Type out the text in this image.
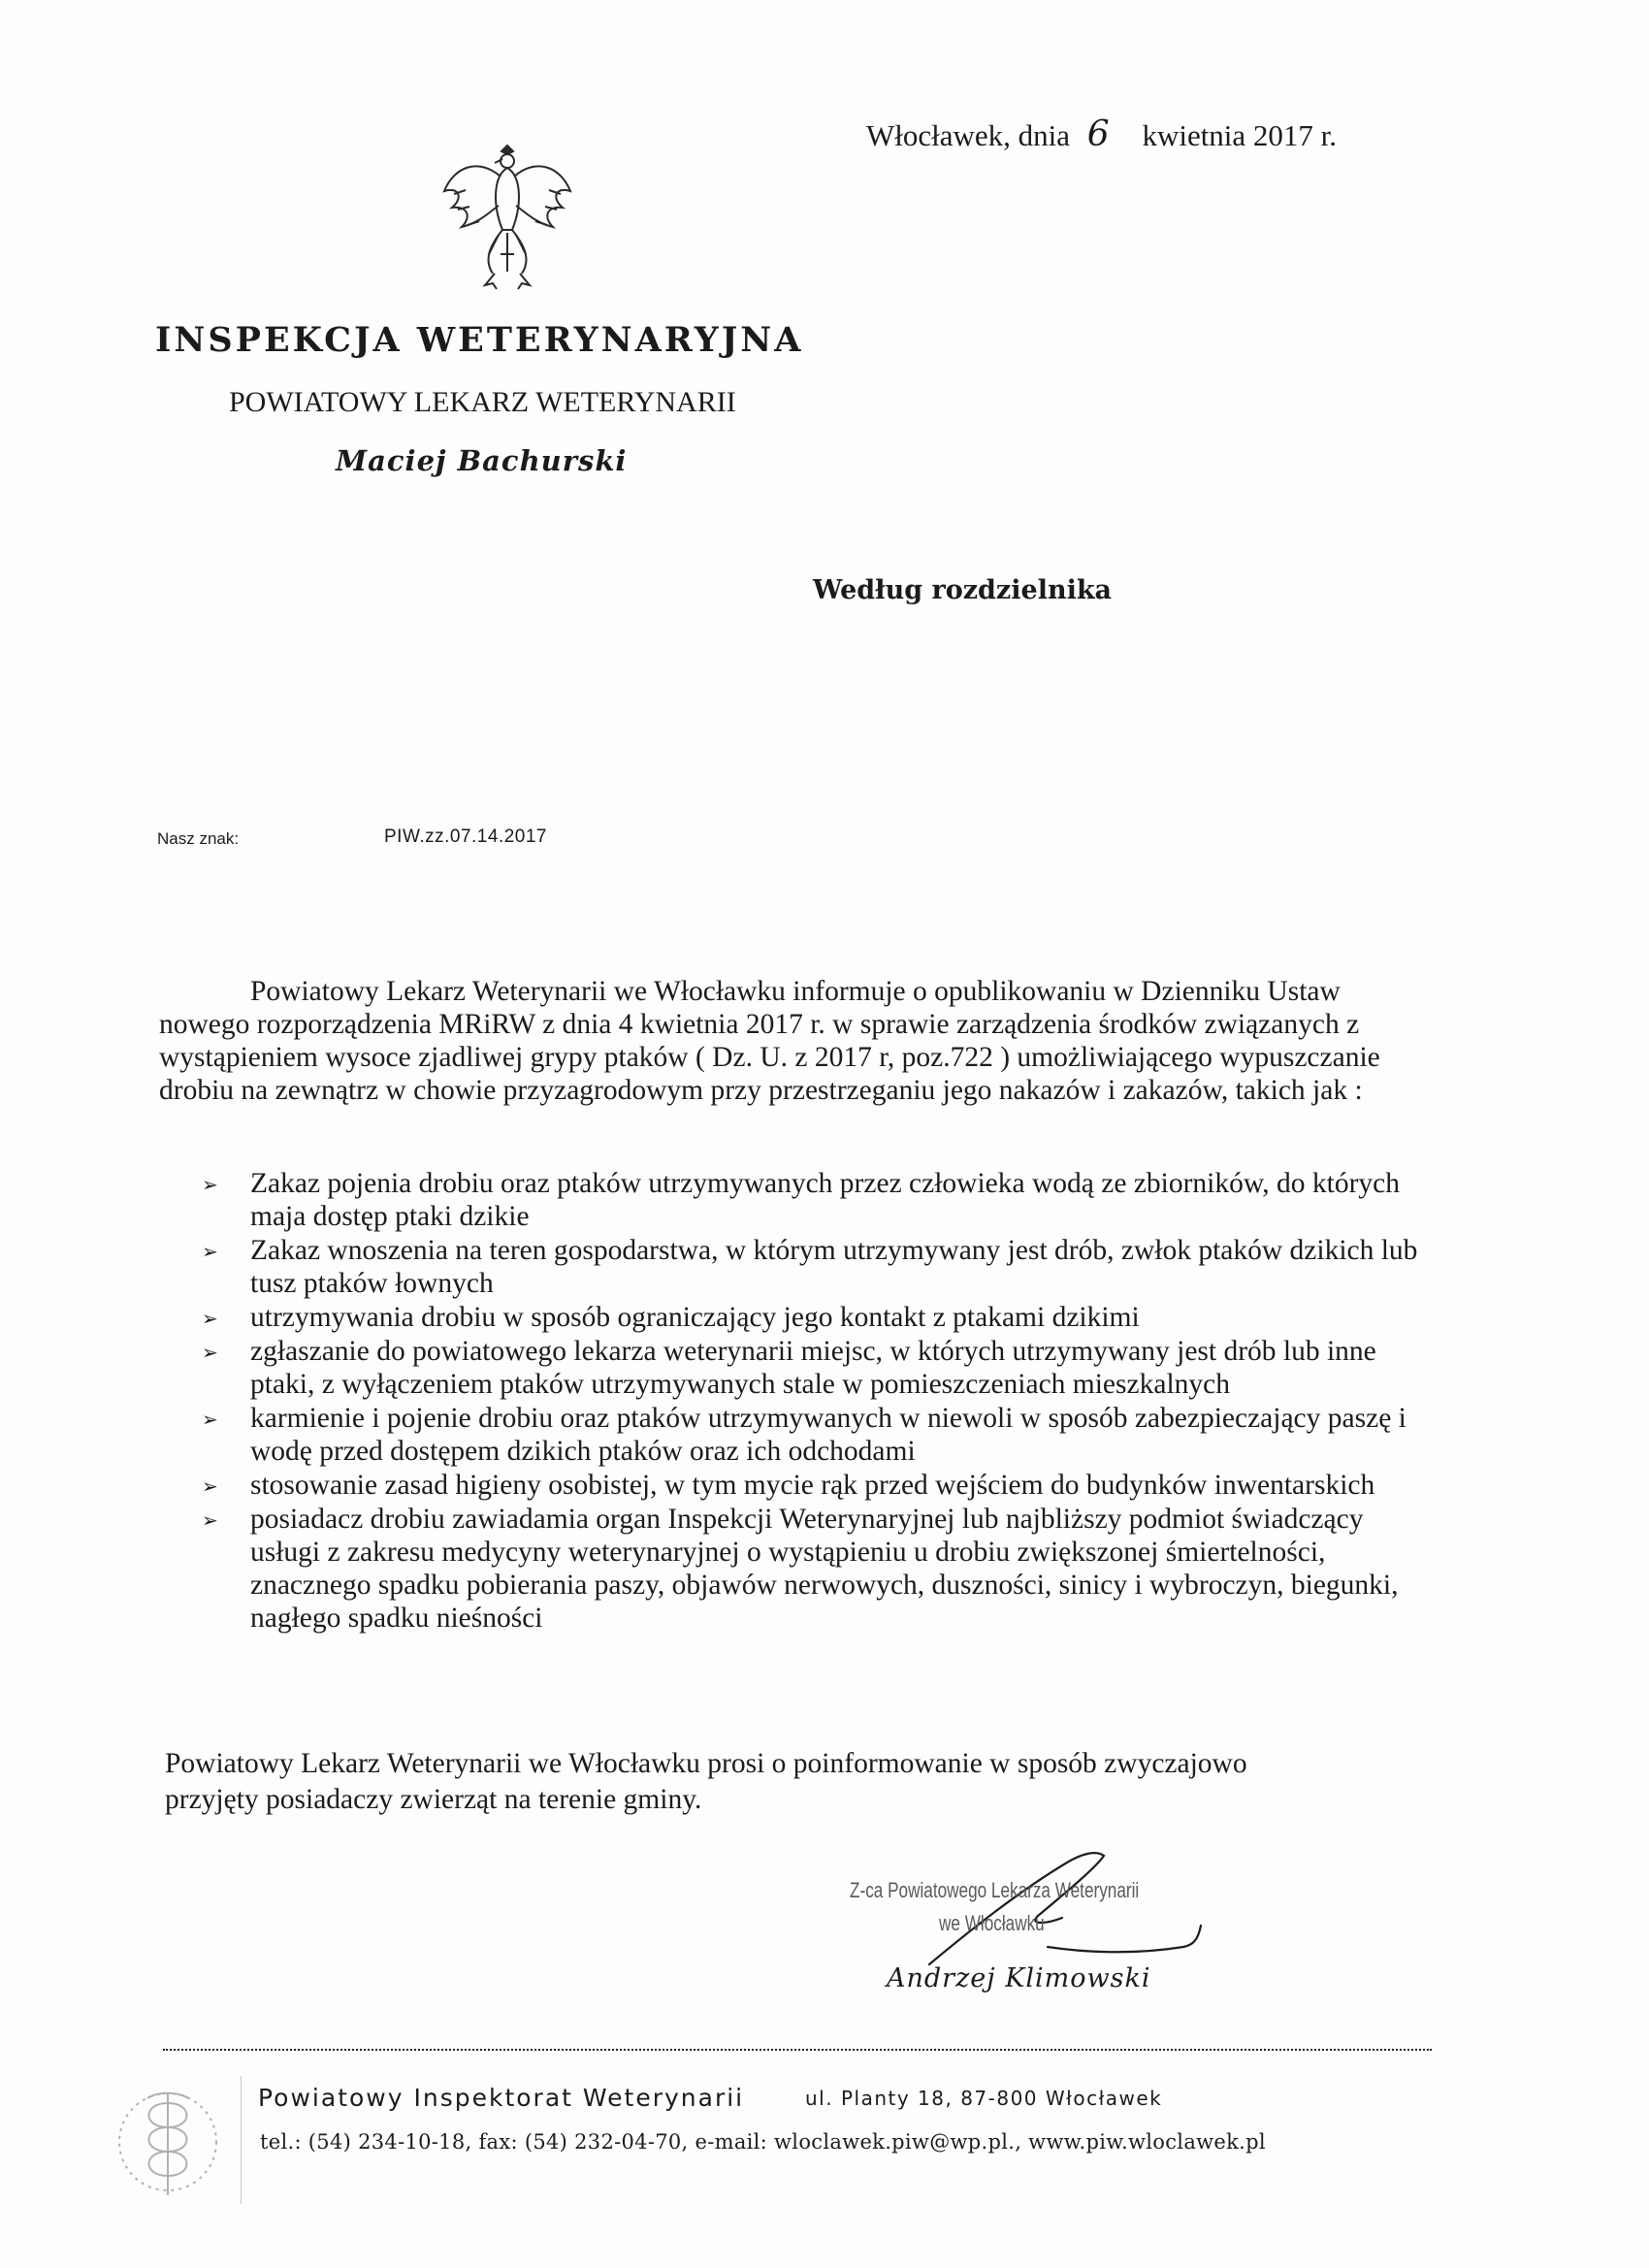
Włocławek, dnia 6 kwietnia 2017 r.
INSPEKCJA WETERYNARYJNA
POWIATOWY LEKARZ WETERYNARII
Maciej Bachurski
Według rozdzielnika
Nasz znak:	PIW.zz.07.14.2017
Powiatowy Lekarz Weterynarii we Włocławku informuje o opublikowaniu w Dzienniku Ustaw nowego rozporządzenia MRiRW z dnia 4 kwietnia 2017 r. w sprawie zarządzenia środków związanych z wystąpieniem wysoce zjadliwej grypy ptaków ( Dz. U. z 2017 r, poz.722 ) umożliwiającego wypuszczanie drobiu na zewnątrz w chowie przyzagrodowym przy przestrzeganiu jego nakazów i zakazów, takich jak :
➢ Zakaz pojenia drobiu oraz ptaków utrzymywanych przez człowieka wodą ze zbiorników, do których maja dostęp ptaki dzikie
➢ Zakaz wnoszenia na teren gospodarstwa, w którym utrzymywany jest drób, zwłok ptaków dzikich lub tusz ptaków łownych
➢ utrzymywania drobiu w sposób ograniczający jego kontakt z ptakami dzikimi
➢ zgłaszanie do powiatowego lekarza weterynarii miejsc, w których utrzymywany jest drób lub inne ptaki, z wyłączeniem ptaków utrzymywanych stale w pomieszczeniach mieszkalnych
➢ karmienie i pojenie drobiu oraz ptaków utrzymywanych w niewoli w sposób zabezpieczający paszę i wodę przed dostępem dzikich ptaków oraz ich odchodami
➢ stosowanie zasad higieny osobistej, w tym mycie rąk przed wejściem do budynków inwentarskich
➢ posiadacz drobiu zawiadamia organ Inspekcji Weterynaryjnej lub najbliższy podmiot świadczący usługi z zakresu medycyny weterynaryjnej o wystąpieniu u drobiu zwiększonej śmiertelności, znacznego spadku pobierania paszy, objawów nerwowych, duszności, sinicy i wybroczyn, biegunki, nagłego spadku nieśności
Powiatowy Lekarz Weterynarii we Włocławku prosi o poinformowanie w sposób zwyczajowo przyjęty posiadaczy zwierząt na terenie gminy.
Z-ca Powiatowego Lekarza Weterynarii
we Włocławku
Andrzej Klimowski
Powiatowy Inspektorat Weterynarii	ul. Planty 18, 87-800 Włocławek
tel.: (54) 234-10-18, fax: (54) 232-04-70, e-mail: wloclawek.piw@wp.pl., www.piw.wloclawek.pl
